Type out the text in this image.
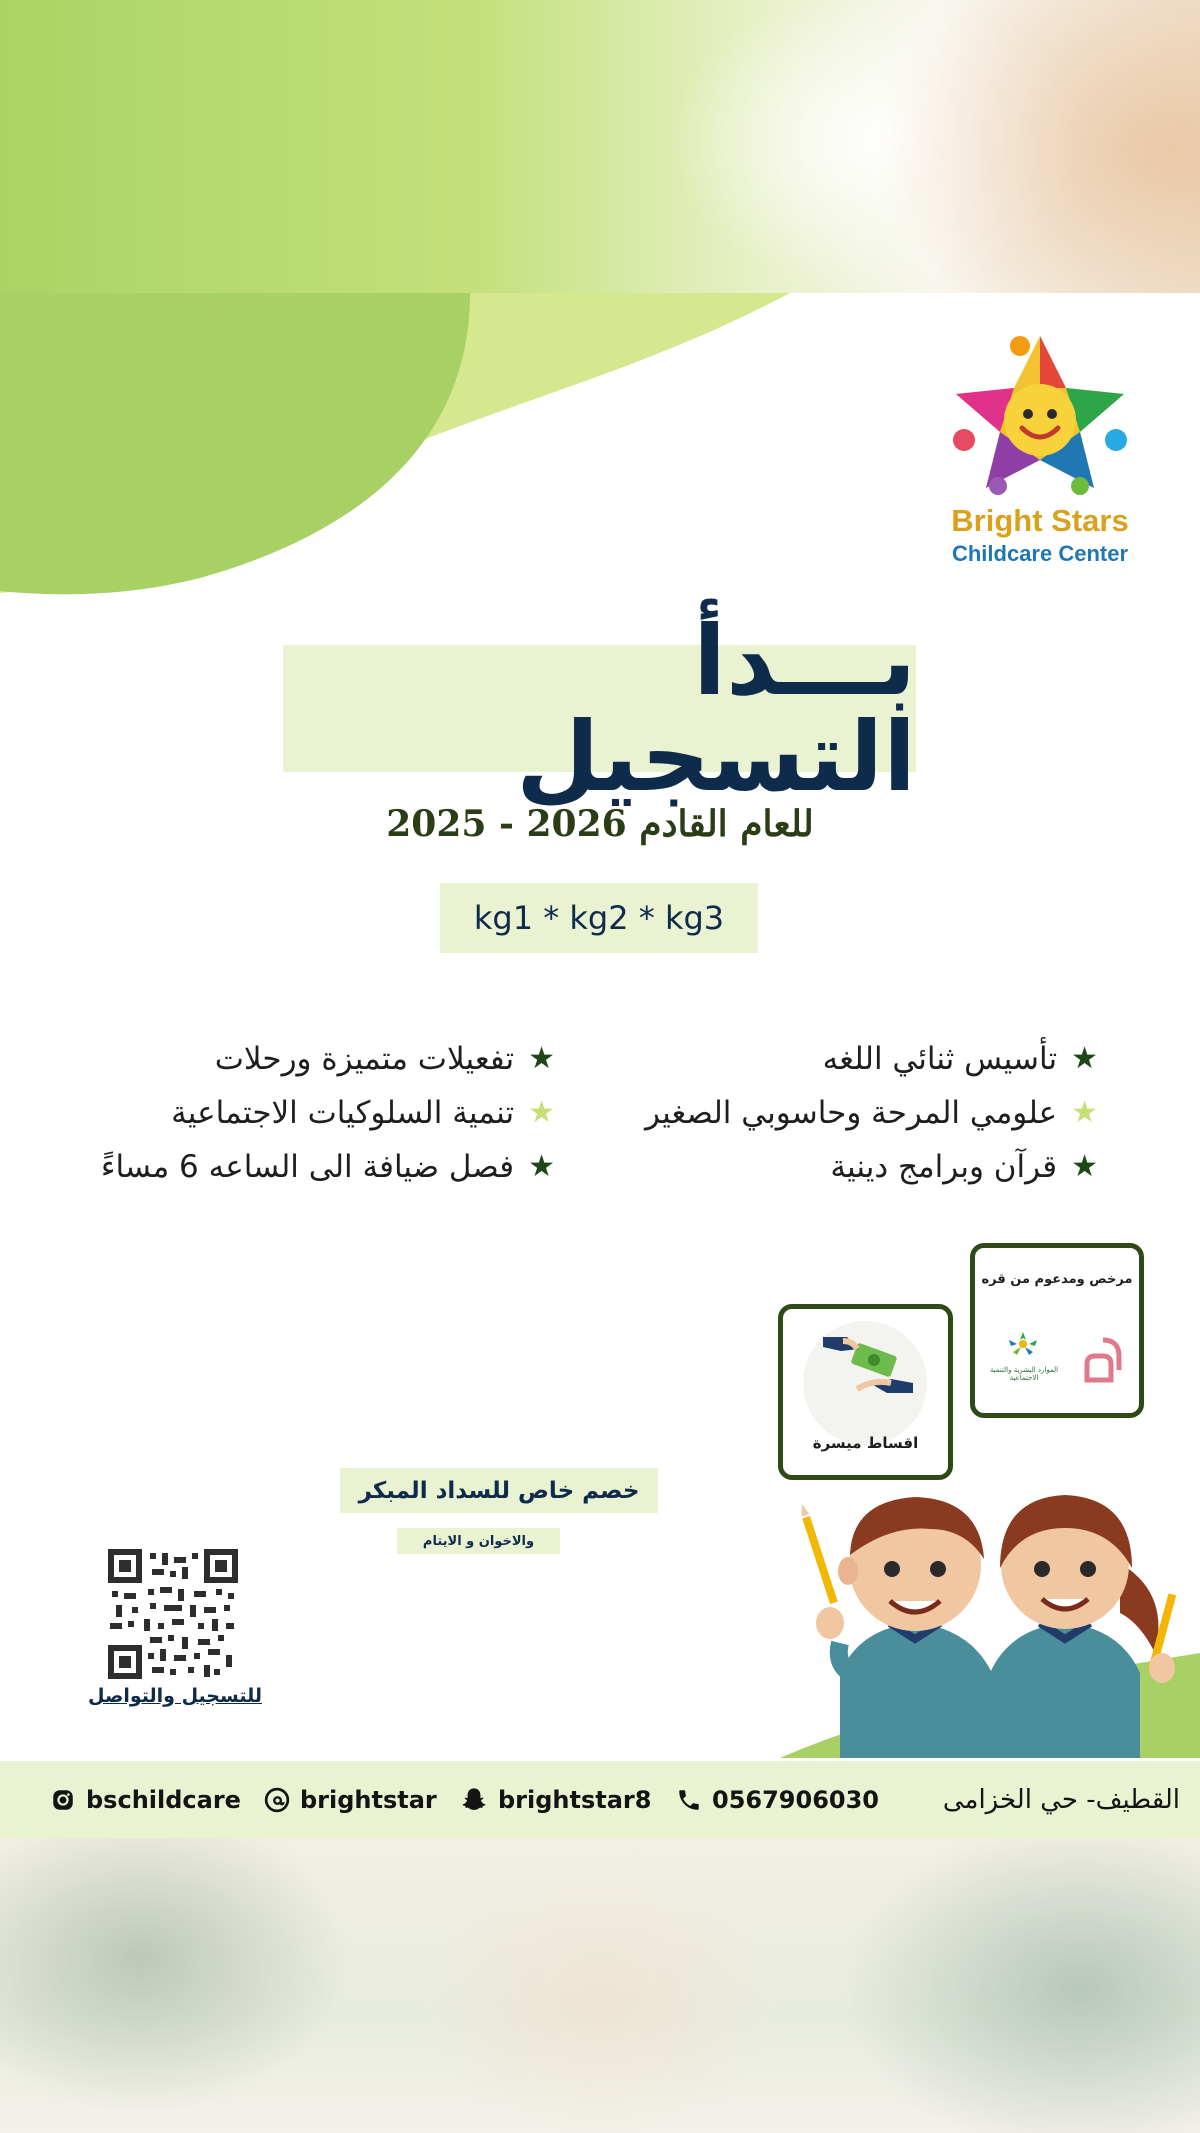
Bright Stars
Childcare Center
بـــدأ التسجيل
للعام القادم 2026 - 2025
kg1 * kg2 * kg3
★
تأسيس ثنائي اللغه
★
علومي المرحة وحاسوبي الصغير
★
قرآن وبرامج دينية
★
تفعيلات متميزة ورحلات
★
تنمية السلوكيات الاجتماعية
★
فصل ضيافة الى الساعه 6 مساءً
مرخص ومدعوم من قره
الموارد البشرية والتنمية الاجتماعية
اقساط ميسرة
خصم خاص للسداد المبكر
والاخوان و الايتام
للتسجيل والتواصل
القطيف- حي الخزامى
0567906030
brightstar8
brightstar
bschildcare
